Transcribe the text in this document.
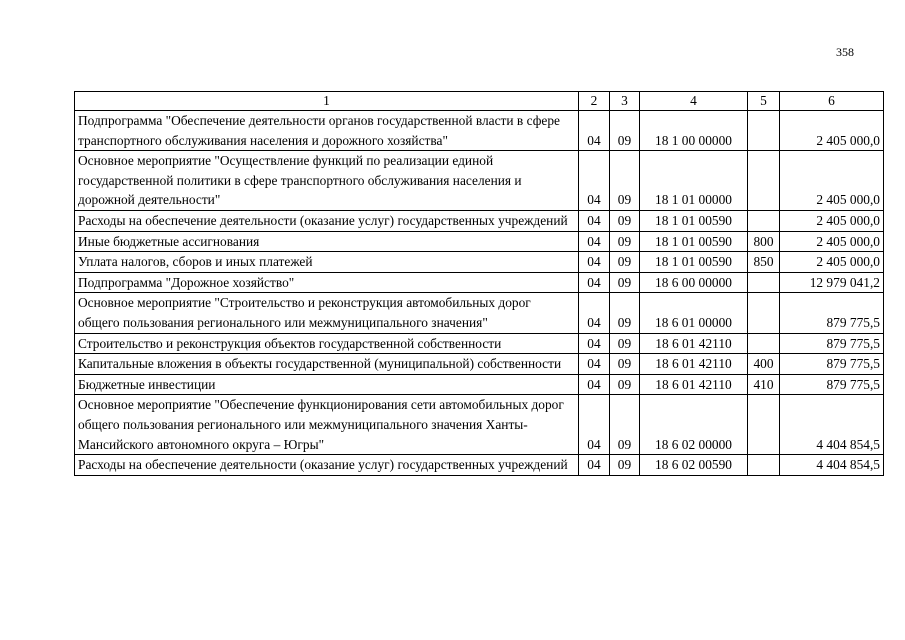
358
1	2	3	4	5	6
Подпрограмма "Обеспечение деятельности органов государственной власти в сфере транспортного обслуживания населения и дорожного хозяйства"	04	09	18 1 00 00000		2 405 000,0
Основное мероприятие "Осуществление функций по реализации единой государственной политики в сфере транспортного обслуживания населения и дорожной деятельности"	04	09	18 1 01 00000		2 405 000,0
Расходы на обеспечение деятельности (оказание услуг) государственных учреждений	04	09	18 1 01 00590		2 405 000,0
Иные бюджетные ассигнования	04	09	18 1 01 00590	800	2 405 000,0
Уплата налогов, сборов и иных платежей	04	09	18 1 01 00590	850	2 405 000,0
Подпрограмма "Дорожное хозяйство"	04	09	18 6 00 00000		12 979 041,2
Основное мероприятие "Строительство и реконструкция автомобильных дорог общего пользования регионального или межмуниципального значения"	04	09	18 6 01 00000		879 775,5
Строительство и реконструкция объектов государственной собственности	04	09	18 6 01 42110		879 775,5
Капитальные вложения в объекты государственной (муниципальной) собственности	04	09	18 6 01 42110	400	879 775,5
Бюджетные инвестиции	04	09	18 6 01 42110	410	879 775,5
Основное мероприятие "Обеспечение функционирования сети автомобильных дорог общего пользования регионального или межмуниципального значения Ханты-Мансийского автономного округа – Югры"	04	09	18 6 02 00000		4 404 854,5
Расходы на обеспечение деятельности (оказание услуг) государственных учреждений	04	09	18 6 02 00590		4 404 854,5
